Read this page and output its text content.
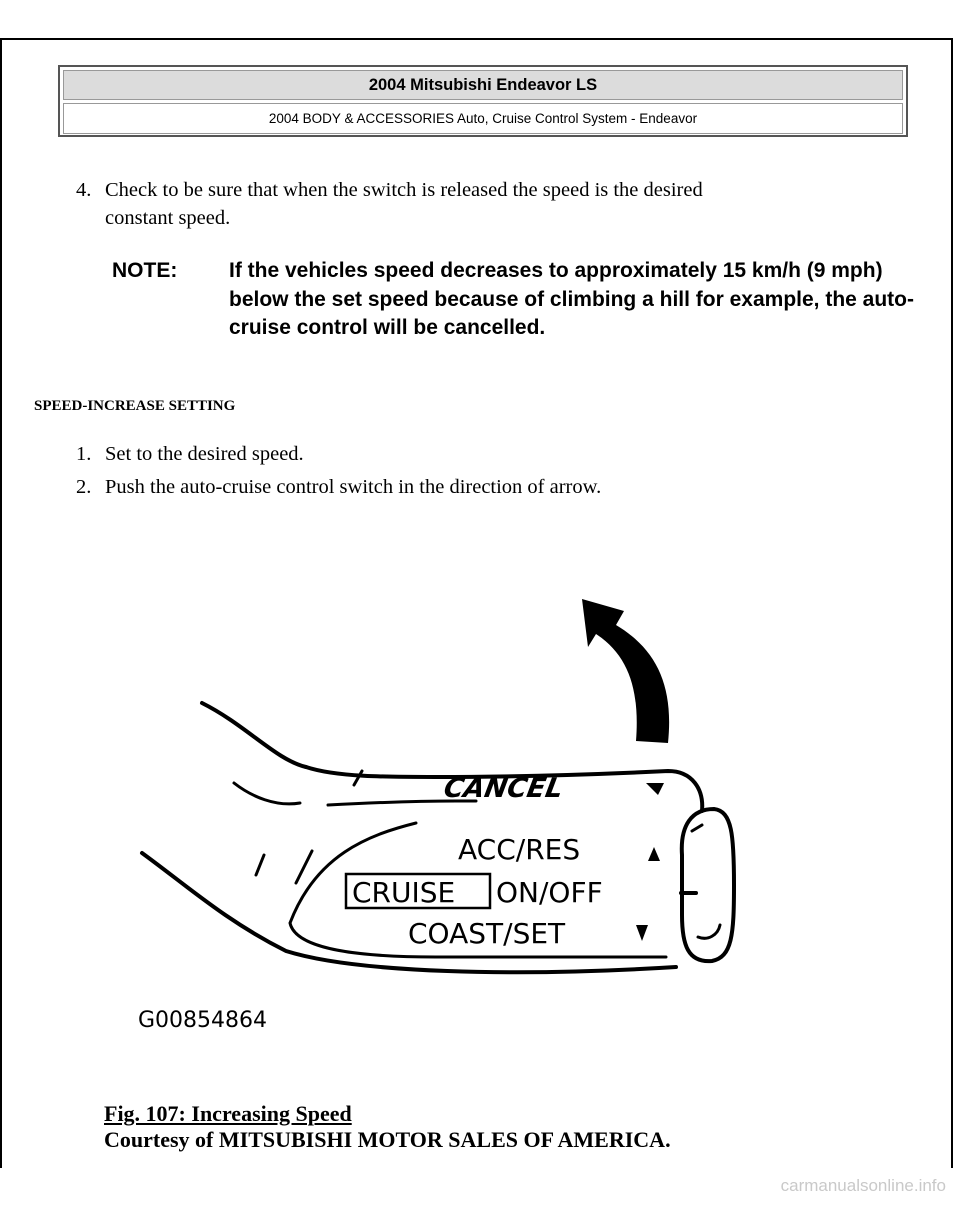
2004 Mitsubishi Endeavor LS
2004 BODY & ACCESSORIES Auto, Cruise Control System - Endeavor
4. Check to be sure that when the switch is released the speed is the desired
constant speed.
NOTE: If the vehicles speed decreases to approximately 15 km/h (9 mph) below the set speed because of climbing a hill for example, the auto-cruise control will be cancelled.
SPEED-INCREASE SETTING
1. Set to the desired speed.
2. Push the auto-cruise control switch in the direction of arrow.
CANCEL
ACC/RES
CRUISE ON/OFF
COAST/SET
G00854864
Fig. 107: Increasing Speed
Courtesy of MITSUBISHI MOTOR SALES OF AMERICA.
carmanualsonline.info
